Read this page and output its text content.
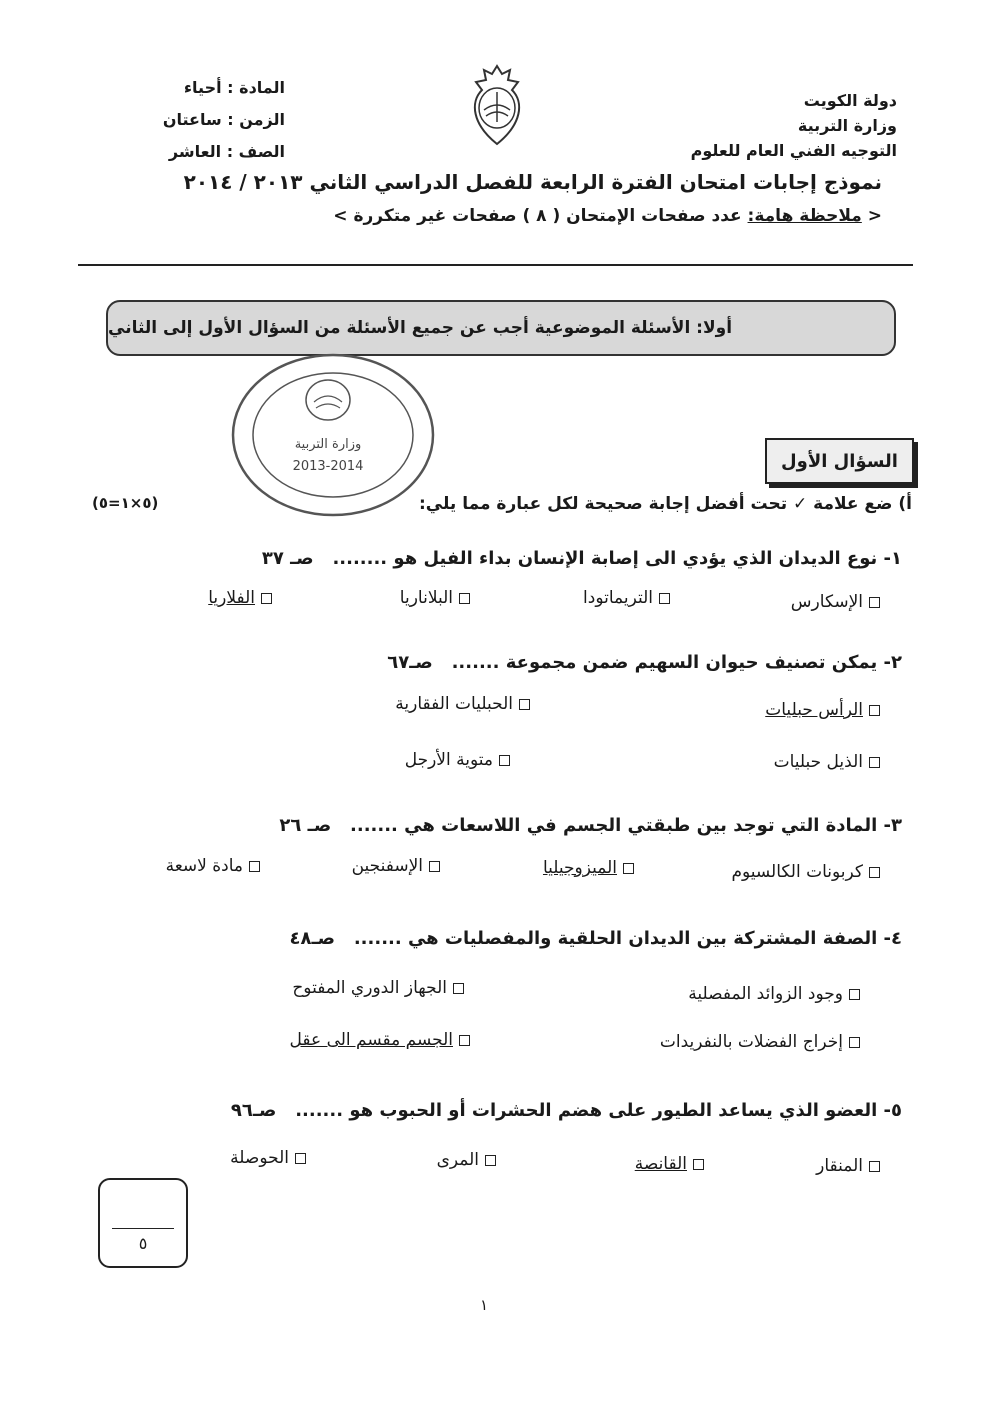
دولة الكويت
وزارة التربية
التوجيه الفني العام للعلوم
المادة : أحياء
الزمن : ساعتان
الصف : العاشر
نموذج إجابات امتحان الفترة الرابعة للفصل الدراسي الثاني ٢٠١٣ / ٢٠١٤
< ملاحظة هامة: عدد صفحات الإمتحان ( ٨ ) صفحات غير متكررة >
أولا: الأسئلة الموضوعية أجب عن جميع الأسئلة من السؤال الأول إلى الثاني
وزارة التربية
2013-2014	السؤال الأول
أ) ضع علامة ✓ تحت أفضل إجابة صحيحة لكل عبارة مما يلي:
(٥×١=٥)
١- نوع الديدان الذي يؤدي الى إصابة الإنسان بداء الفيل هو ........   صـ ٣٧
الإسكارس
التريماتودا
البلاناريا
الفلاريا
٢- يمكن تصنيف حيوان السهيم ضمن مجموعة .......   صـ٦٧
الرأس حبليات
الحبليات الفقارية
الذيل حبليات
متوية الأرجل
٣- المادة التي توجد بين طبقتي الجسم في اللاسعات هي .......   صـ ٢٦
كربونات الكالسيوم
الميزوجيليا
الإسفنجين
مادة لاسعة
٤- الصفة المشتركة بين الديدان الحلقية والمفصليات هي .......   صـ٤٨
وجود الزوائد المفصلية
الجهاز الدوري المفتوح
إخراج الفضلات بالنفريدات
الجسم مقسم الى عقل
٥- العضو الذي يساعد الطيور على هضم الحشرات أو الحبوب هو .......   صـ٩٦
المنقار
القانصة
المرى
الحوصلة
٥
١
